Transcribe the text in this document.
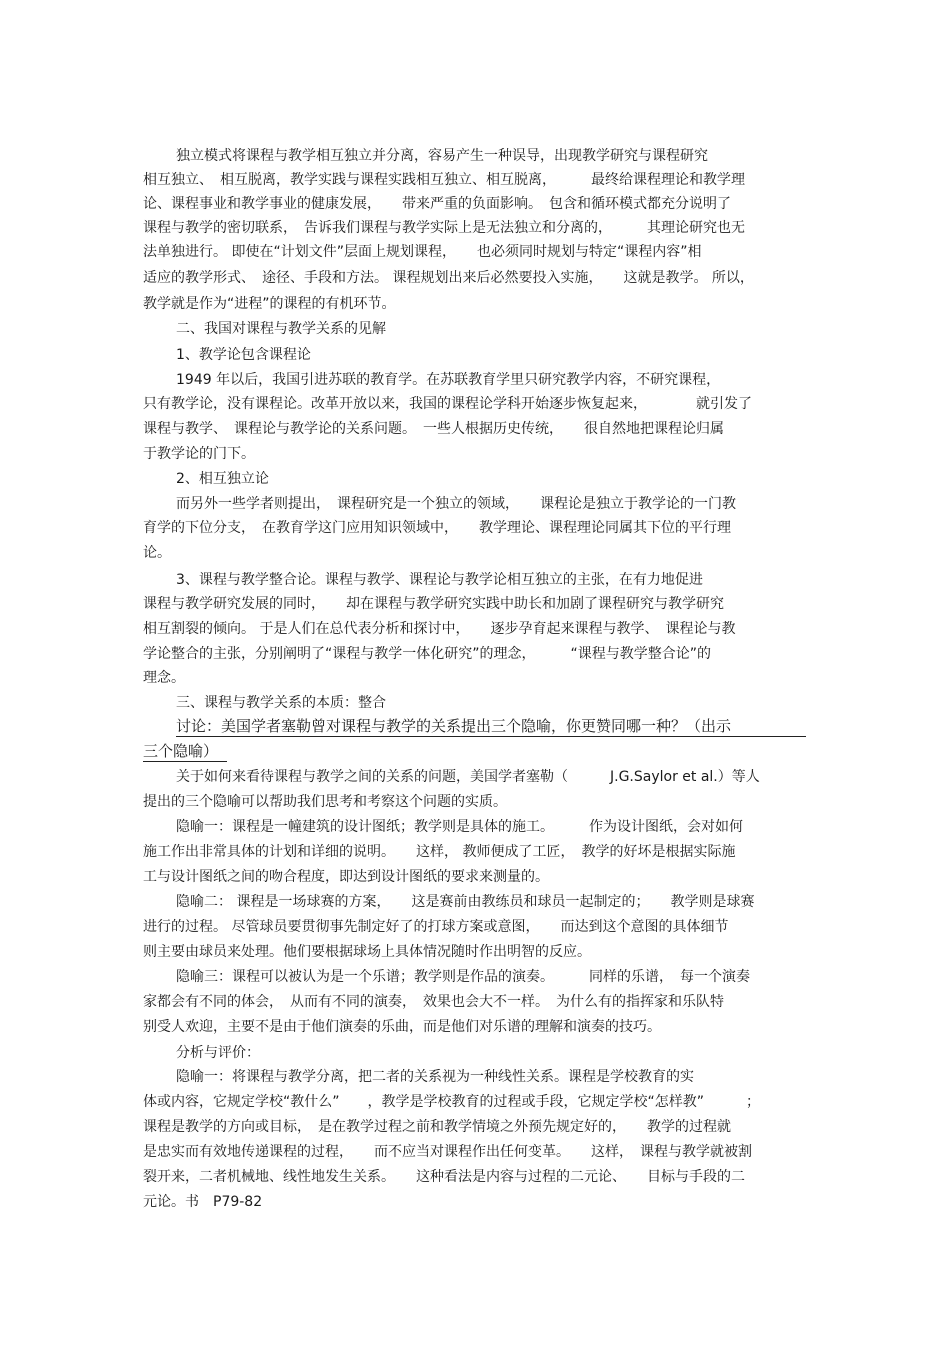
独立模式将课程与教学相互独立并分离，容易产生一种误导，出现教学研究与课程研究
相互独立、　相互脱离，教学实践与课程实践相互独立、相互脱离，　　　最终给课程理论和教学理
论、课程事业和教学事业的健康发展，　　带来严重的负面影响。　包含和循环模式都充分说明了
课程与教学的密切联系，　告诉我们课程与教学实际上是无法独立和分离的，　　　其理论研究也无
法单独进行。 即使在“计划文件”层面上规划课程，　　也必须同时规划与特定“课程内容”相
适应的教学形式、　途径、手段和方法。 课程规划出来后必然要投入实施，　　这就是教学。 所以，
教学就是作为“进程”的课程的有机环节。
二、我国对课程与教学关系的见解
1、教学论包含课程论
1949 年以后，我国引进苏联的教育学。在苏联教育学里只研究教学内容，不研究课程，
只有教学论，没有课程论。改革开放以来，我国的课程论学科开始逐步恢复起来，　　　　就引发了
课程与教学、　课程论与教学论的关系问题。　一些人根据历史传统，　　很自然地把课程论归属
于教学论的门下。
2、相互独立论
而另外一些学者则提出，　课程研究是一个独立的领域，　　课程论是独立于教学论的一门教
育学的下位分支，　在教育学这门应用知识领域中，　　教学理论、课程理论同属其下位的平行理
论。
3、课程与教学整合论。课程与教学、课程论与教学论相互独立的主张，在有力地促进
课程与教学研究发展的同时，　　却在课程与教学研究实践中助长和加剧了课程研究与教学研究
相互割裂的倾向。 于是人们在总代表分析和探讨中，　　逐步孕育起来课程与教学、　课程论与教
学论整合的主张，分别阐明了“课程与教学一体化研究”的理念，　　　“课程与教学整合论”的
理念。
三、课程与教学关系的本质：整合
讨论：美国学者塞勒曾对课程与教学的关系提出三个隐喻，你更赞同哪一种？（出示
三个隐喻）
关于如何来看待课程与教学之间的关系的问题，美国学者塞勒（　　　J.G.Saylor et al.）等人
提出的三个隐喻可以帮助我们思考和考察这个问题的实质。
隐喻一：课程是一幢建筑的设计图纸；教学则是具体的施工。　　　作为设计图纸，会对如何
施工作出非常具体的计划和详细的说明。　　这样， 教师便成了工匠，　教学的好坏是根据实际施
工与设计图纸之间的吻合程度，即达到设计图纸的要求来测量的。
隐喻二： 课程是一场球赛的方案，　　这是赛前由教练员和球员一起制定的；　　教学则是球赛
进行的过程。 尽管球员要贯彻事先制定好了的打球方案或意图，　　而达到这个意图的具体细节
则主要由球员来处理。他们要根据球场上具体情况随时作出明智的反应。
隐喻三：课程可以被认为是一个乐谱；教学则是作品的演奏。　　　同样的乐谱，　每一个演奏
家都会有不同的体会，　从而有不同的演奏，　效果也会大不一样。　为什么有的指挥家和乐队特
别受人欢迎，主要不是由于他们演奏的乐曲，而是他们对乐谱的理解和演奏的技巧。
分析与评价：
隐喻一：将课程与教学分离，把二者的关系视为一种线性关系。课程是学校教育的实
体或内容，它规定学校“教什么”　　，教学是学校教育的过程或手段，它规定学校“怎样教”　　　；
课程是教学的方向或目标，　是在教学过程之前和教学情境之外预先规定好的，　　教学的过程就
是忠实而有效地传递课程的过程，　　而不应当对课程作出任何变革。　　这样，　课程与教学就被割
裂开来，二者机械地、线性地发生关系。　　这种看法是内容与过程的二元论、　　目标与手段的二
元论。书　P79-82
